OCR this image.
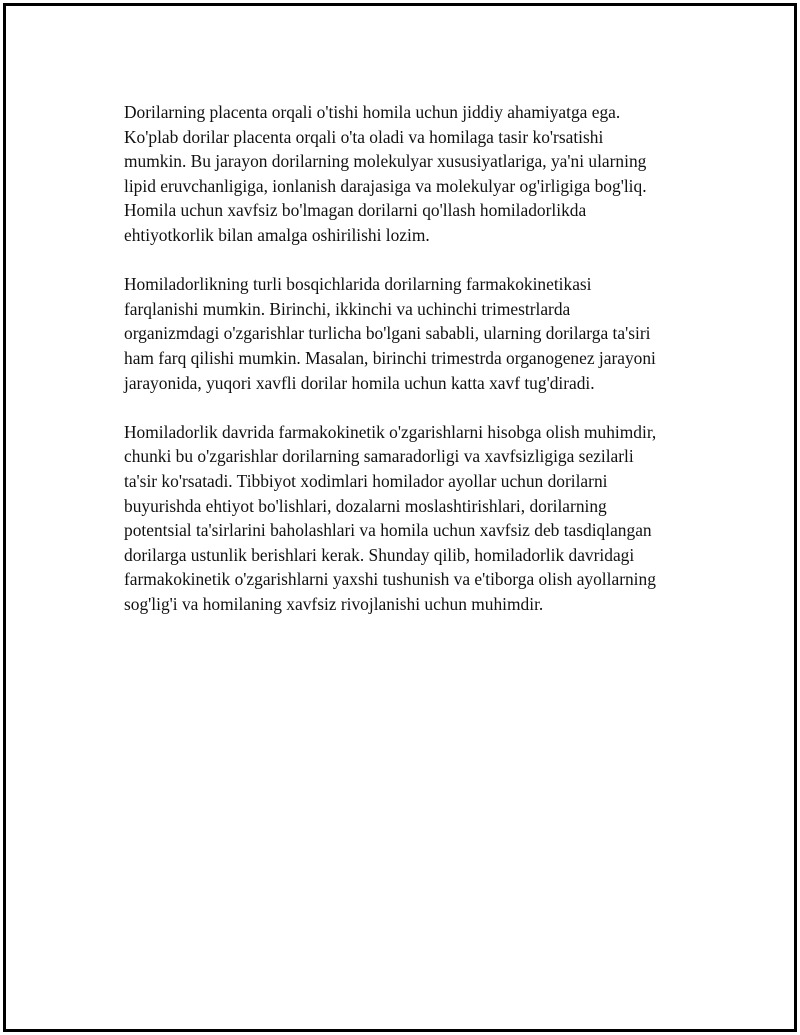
Dorilarning placenta orqali o'tishi homila uchun jiddiy ahamiyatga ega.
Ko'plab dorilar placenta orqali o'ta oladi va homilaga tasir ko'rsatishi
mumkin. Bu jarayon dorilarning molekulyar xususiyatlariga, ya'ni ularning
lipid eruvchanligiga, ionlanish darajasiga va molekulyar og'irligiga bog'liq.
Homila uchun xavfsiz bo'lmagan dorilarni qo'llash homiladorlikda
ehtiyotkorlik bilan amalga oshirilishi lozim.

Homiladorlikning turli bosqichlarida dorilarning farmakokinetikasi
farqlanishi mumkin. Birinchi, ikkinchi va uchinchi trimestrlarda
organizmdagi o'zgarishlar turlicha bo'lgani sababli, ularning dorilarga ta'siri
ham farq qilishi mumkin. Masalan, birinchi trimestrda organogenez jarayoni
jarayonida, yuqori xavfli dorilar homila uchun katta xavf tug'diradi.

Homiladorlik davrida farmakokinetik o'zgarishlarni hisobga olish muhimdir,
chunki bu o'zgarishlar dorilarning samaradorligi va xavfsizligiga sezilarli
ta'sir ko'rsatadi. Tibbiyot xodimlari homilador ayollar uchun dorilarni
buyurishda ehtiyot bo'lishlari, dozalarni moslashtirishlari, dorilarning
potentsial ta'sirlarini baholashlari va homila uchun xavfsiz deb tasdiqlangan
dorilarga ustunlik berishlari kerak. Shunday qilib, homiladorlik davridagi
farmakokinetik o'zgarishlarni yaxshi tushunish va e'tiborga olish ayollarning
sog'lig'i va homilaning xavfsiz rivojlanishi uchun muhimdir.
